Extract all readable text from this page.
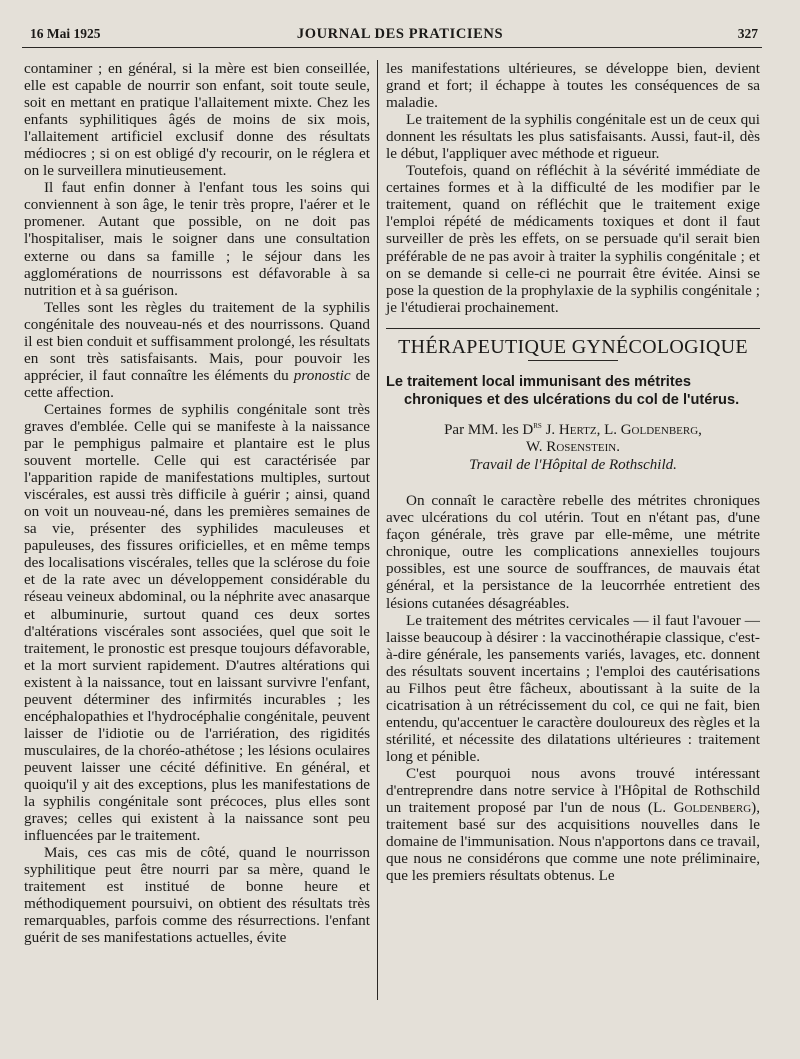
16 Mai 1925	JOURNAL DES PRATICIENS	327

contaminer ; en général, si la mère est bien conseillée, elle est capable de nourrir son enfant, soit toute seule, soit en mettant en pratique l'allaitement mixte. Chez les enfants syphilitiques âgés de moins de six mois, l'allaitement artificiel exclusif donne des résultats médiocres ; si on est obligé d'y recourir, on le réglera et on le surveillera minutieusement.

Il faut enfin donner à l'enfant tous les soins qui conviennent à son âge, le tenir très propre, l'aérer et le promener. Autant que possible, on ne doit pas l'hospitaliser, mais le soigner dans une consultation externe ou dans sa famille ; le séjour dans les agglomérations de nourrissons est défavorable à sa nutrition et à sa guérison.

Telles sont les règles du traitement de la syphilis congénitale des nouveau-nés et des nourrissons. Quand il est bien conduit et suffisamment prolongé, les résultats en sont très satisfaisants. Mais, pour pouvoir les apprécier, il faut connaître les éléments du pronostic de cette affection.

Certaines formes de syphilis congénitale sont très graves d'emblée. Celle qui se manifeste à la naissance par le pemphigus palmaire et plantaire est le plus souvent mortelle. Celle qui est caractérisée par l'apparition rapide de manifestations multiples, surtout viscérales, est aussi très difficile à guérir ; ainsi, quand on voit un nouveau-né, dans les premières semaines de sa vie, présenter des syphilides maculeuses et papuleuses, des fissures orificielles, et en même temps des localisations viscérales, telles que la sclérose du foie et de la rate avec un développement considérable du réseau veineux abdominal, ou la néphrite avec anasarque et albuminurie, surtout quand ces deux sortes d'altérations viscérales sont associées, quel que soit le traitement, le pronostic est presque toujours défavorable, et la mort survient rapidement. D'autres altérations qui existent à la naissance, tout en laissant survivre l'enfant, peuvent déterminer des infirmités incurables ; les encéphalopathies et l'hydrocéphalie congénitale, peuvent laisser de l'idiotie ou de l'arriération, des rigidités musculaires, de la choréo-athétose ; les lésions oculaires peuvent laisser une cécité définitive. En général, et quoiqu'il y ait des exceptions, plus les manifestations de la syphilis congénitale sont précoces, plus elles sont graves; celles qui existent à la naissance sont peu influencées par le traitement.

Mais, ces cas mis de côté, quand le nourrisson syphilitique peut être nourri par sa mère, quand le traitement est institué de bonne heure et méthodiquement poursuivi, on obtient des résultats très remarquables, parfois comme des résurrections. l'enfant guérit de ses manifestations actuelles, évite

les manifestations ultérieures, se développe bien, devient grand et fort; il échappe à toutes les conséquences de sa maladie.

Le traitement de la syphilis congénitale est un de ceux qui donnent les résultats les plus satisfaisants. Aussi, faut-il, dès le début, l'appliquer avec méthode et rigueur.

Toutefois, quand on réfléchit à la sévérité immédiate de certaines formes et à la difficulté de les modifier par le traitement, quand on réfléchit que le traitement exige l'emploi répété de médicaments toxiques et dont il faut surveiller de près les effets, on se persuade qu'il serait bien préférable de ne pas avoir à traiter la syphilis congénitale ; et on se demande si celle-ci ne pourrait être évitée. Ainsi se pose la question de la prophylaxie de la syphilis congénitale ; je l'étudierai prochainement.

THÉRAPEUTIQUE GYNÉCOLOGIQUE
Le traitement local immunisant des métrites
chroniques et des ulcérations du col de l'utérus.
Par MM. les $D^{rs}$ J. Hertz, L. Goldenberg,
W. Rosenstein.
Travail de l'Hôpital de Rothschild.

On connaît le caractère rebelle des métrites chroniques avec ulcérations du col utérin. Tout en n'étant pas, d'une façon générale, très grave par elle-même, une métrite chronique, outre les complications annexielles toujours possibles, est une source de souffrances, de mauvais état général, et la persistance de la leucorrhée entretient des lésions cutanées désagréables.

Le traitement des métrites cervicales — il faut l'avouer — laisse beaucoup à désirer : la vaccinothérapie classique, c'est-à-dire générale, les pansements variés, lavages, etc. donnent des résultats souvent incertains ; l'emploi des cautérisations au Filhos peut être fâcheux, aboutissant à la suite de la cicatrisation à un rétrécissement du col, ce qui ne fait, bien entendu, qu'accentuer le caractère douloureux des règles et la stérilité, et nécessite des dilatations ultérieures : traitement long et pénible.

C'est pourquoi nous avons trouvé intéressant d'entreprendre dans notre service à l'Hôpital de Rothschild un traitement proposé par l'un de nous (L. Goldenberg), traitement basé sur des acquisitions nouvelles dans le domaine de l'immunisation. Nous n'apportons dans ce travail, que nous ne considérons que comme une note préliminaire, que les premiers résultats obtenus. Le
